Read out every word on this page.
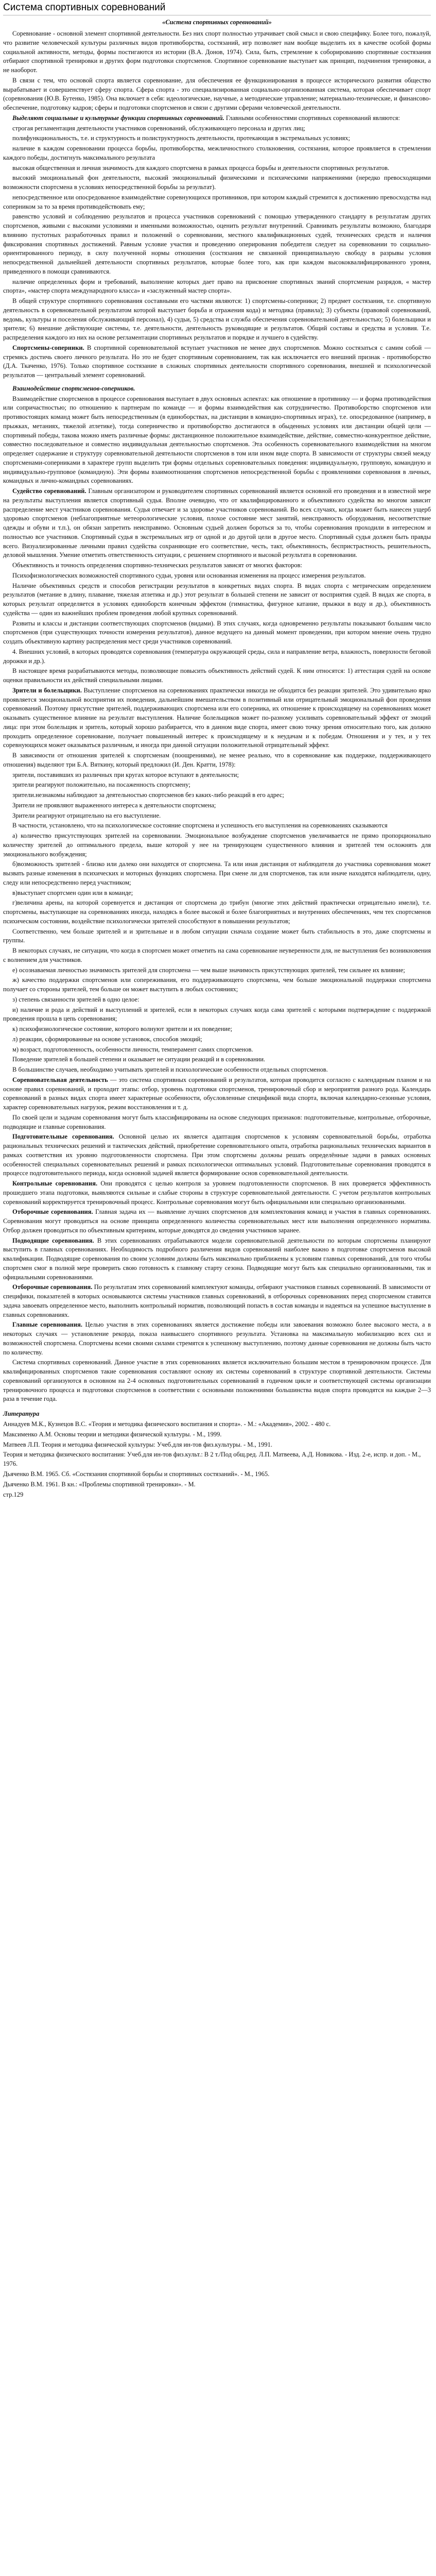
Система спортивных соревнований
«Система спортивных соревнований»

Соревнование - основной элемент спортивной деятельности. Без них спорт полностью утрачивает свой смысл и свою специфику. Более того, пожалуй, что развитие человеческой культуры различных видов противоборства, состязаний, игр позволяет нам вообще выделить их в качестве особой формы социальной активности, методы, формы постигаются из истории (В.А. Донов, 1974). Сила, быть, стремление к соборированию спортивные состязания отбирают спортивной тренировки и других форм подготовки спортсменов. Спортивное соревнование выступает как принцип, подчинения тренировки, а не наоборот.

В связи с тем, что основой спорта является соревнование, для обеспечения ее функционирования в процессе исторического развития общество вырабатывает и совершенствует сферу спорта. Сфера спорта - это специализированная социально-организованная система, которая обеспечивает спорт (соревнования (Ю.В. Бутенко, 1985). Она включает в себя: идеологические, научные, а методические управление; материально-технические, и финансово-обеспечение, подготовку кадров; сферы и подготовки спортсменов и связи с другими сферами человеческой деятельности.

Выделяют социальные и культурные функции спортивных соревнований. Главными особенностями спортивных соревнований являются:

строгая регламентация деятельности участников соревнований, обслуживающего персонала и других лиц;

полифункциональность, т.е. и структурность и полиструктурность деятельности, протекающая в экстремальных условиях;

наличие в каждом соревновании процесса борьбы, противоборства, межличностного столкновения, состязания, которое проявляется в стремлении каждого победы, достигнуть максимального результата

высокая общественная и личная значимость для каждого спортсмена в рамках процесса борьбы и деятельности спортивных результатов.

высокий эмоциональный фон деятельности, высокий эмоциональный физическими и психическими напряжениями (нередко превосходящими возможности спортсмена в условиях непосредственной борьбы за результат).

непосредственное или опосредованное взаимодействие соревнующихся противников, при котором каждый стремится к достижению превосходства над соперником за то за время противодействовать ему;

равенство условий и соблюдению результатов и процесса участников соревнований с помощью утвержденного стандарту в результатам других спортсменов, живыми с высокими условиями и именными возможностью, оценить результат внутренний. Сравнивать результаты возможно, благодаря влиянию пустотных разработочных правил и положений о соревновании, местного квалификационных судей, технических средств и наличия фиксирования спортивных достижений. Равным условие участия и проведению оперирования победителя следует на соревновании то социально-ориентированного периоду, в силу полученной нормы отношения (состязания не связанной принципиальную свободу в разрывы условия непосредственной дальнейшей деятельности спортивных результатов, которые более того, как при каждом высококвалифицированного уровня, приведенного в помощи сравниваются.

наличие определенных форм и требований, выполнение которых дает право на присвоение спортивных званий спортсменам разрядов, « мастер спорта», «мастер спорта международного класса» и «заслуженный мастер спорта».

В общей структуре спортивного соревнования составными его частями являются: 1) спортсмены-соперники; 2) предмет состязания, т.е. спортивную деятельность в соревновательной результатом которой выступает борьба и отражения кода) и методика (правила); 3) субъекты (правовой соревнований, ведомь, культуры и поселения обслуживающий персонал), 4) судьи, 5) средства и служба обеспечения соревновательной деятельностью; 5) болельщики и зрители; 6) внешние действующие системы, т.е. деятельности, деятельность руководящие и результатов. Общий составы и средства и условия. Т.е. распределения каждого из них на основе регламентации спортивных результатов и порядке и лучшего в судейству.

Спортсмены-соперники. В спортивной соревновательной вступает участников не менее двух спортсменов. Можно состязаться с самим собой — стремясь достичь своего личного результата. Но это не будет спортивным соревнованием, так как исключается его внешний признак - противоборство (Д.А. Ткаченко, 1976). Только спортивное состязание в сложных спортивных деятельности спортивного соревнования, внешней и психологической результатов — центральный элемент соревнований.

Взаимодействие спортсменов-соперников.

Взаимодействие спортсменов в процессе соревнования выступает в двух основных аспектах: как отношение в противнику — и форма противодействия или сопричастностью; по отношению к партнерам по команде — и формы взаимодействия как сотрудничество. Противоборство спортсменов или противостоящих команд может быть непосредственным (в единоборствах, на дистанции в командно-спортивных играх), т.е. опосредованное (например, в прыжках, метаниях, тяжелой атлетике), тогда соперничество и противоборство достигаются в обыденных условиях или дистанции общей цели — спортивный победы, такова можно иметь различные формы: дистанционное положительное взаимодействие, действие, совместно-конкурентное действие, совместно последовательное и совместно индивидуальная деятельностью спортсменов. Эта особенность соревновательного взаимодействия на многом определяет содержание и структуру соревновательной деятельности спортсменов в том или ином виде спорта. В зависимости от структуры связей между спортсменами-соперниками в характере групп выделить три формы отдельных соревновательных поведения: индивидуальную, групповую, командную и индивидуально-групповое (командную). Эти формы взаимоотношения спортсменов непосредственной борьбы с проявлениями соревнования в личных, командных и лично-командных соревнованиях.

Судейство соревнований. Главным организатором и руководителем спортивных соревнований является основной его проведения и в известной мере на результаты выступления является спортивный судья. Вполне очевидно, что от квалифицированного и объективного судейства во многом зависит распределение мест участников соревнования. Судья отвечает и за здоровье участников соревнований. Во всех случаях, когда может быть нанесен ущерб здоровью спортсменов (неблагоприятные метеорологические условия, плохое состояние мест занятий, неисправность оборудования, несоответствие одежды и обуви и т.п.), он обязан запретить неисправимо. Основным судьей должен бороться за то, чтобы соревнования проходили в интересном и полностью все участников. Спортивный судья в экстремальных игр от одной и до другой цели в другое место. Спортивный судья должен быть правды всего. Визуализированные личными правил судейства сохраняющие его соответствие, честь, такт, объективность, беспристрастность, решительность, деловой мышления. Умение отметить ответственность ситуации, с решением спортивного и высокой результата в соревновании.

Объективность и точность определения спортивно-технических результатов зависят от многих факторов:

Психофизиологических возможностей спортивного судьи, уровня или основанная изменения на процесс измерения результатов.

Наличие объективных средств и способов регистрации результатов в конкретных видах спорта. В видах спорта с метрическим определением результатов (метание в длину, плавание, тяжелая атлетика и др.) этот результат в большей степени не зависит от восприятия судей. В видах же спорта, в которых результат определяется в условиях единоборств конечным эффектом (гимнастика, фигурное катание, прыжки в воду и др.), объективность судейства — один из важнейших проблем проведения любой крупных соревнований.

Развиты и классы и дистанции соответствующих спортсменов (видами). В этих случаях, когда одновременно результаты показывают большим число спортсменов (при существующих точности измерения результатов), данное ведущего на данный момент проведении, при котором мнение очень трудно создать объективную картину распределения мест среди участников соревнований.

4. Внешних условий, в которых проводятся соревнования (температура окружающей среды, сила и направление ветра, влажность, поверхности беговой дорожки и др.).

В настоящее время разрабатываются методы, позволяющие повысить объективность действий судей. К ним относятся: 1) аттестация судей на основе оценки правильности их действий специальными лицами.

Зрители и болельщики. Выступление спортсменов на соревнованиях практически никогда не обходится без реакции зрителей. Это удивительно ярко проявляется эмоциональной восприятия их поведения, дальнейшим вмешательством в позитивный или отрицательный эмоциональный фон проведения соревнований. Поэтому присутствие зрителей, поддерживающих спортсмена или его соперника, их отношение к происходящему на соревнованиях может оказывать существенное влияние на результат выступления. Наличие болельщиков может по-разному усиливать соревновательный эффект от эмоций лица: при этом болельщик и зритель, который хорошо разбирается, что в данном виде спорта, имеет свою точку зрения относительно того, как должно проходить определенное соревнование, получает повышенный интерес к происходящему и к неудачам и к победам. Отношения и у тех, и у тех соревнующихся может оказываться различным, и иногда при данной ситуации положительной отрицательный эффект.

В зависимости от отношения зрителей к спортсменам (поощрениями), не менее реально, что в соревнование как поддержке, поддерживающего отношения) выделяют три Б.А. Вяткину, который предложил (И. Ден. Кратти, 1978):

зрители, поставивших из различных при кругах которое вступают в деятельности;

зрители реагируют положительно, на посаженность спортсмену;

зрители.незнакомы наблюдают за деятельностью спортсменов без каких-либо реакций в его адрес;

Зрители не проявляют выраженного интереса к деятельности спортсмена;

Зрители реагируют отрицательно на его выступление.

В частности, установлено, что на психологическое состояние спортсмена и успешность его выступления на соревнованиях сказываются

а) количество присутствующих зрителей на соревновании. Эмоциональное возбуждение спортсменов увеличивается не прямо пропорционально количеству зрителей до оптимального предела, выше которой у нее на тренирующем существенного влияния и зрителей тем осложнять для эмоционального возбуждения;

б)возможность зрителей - близко или далеко они находятся от спортсмена. Та или иная дистанция от наблюдателя до участника соревнования может вызвать разные изменения в психических и моторных функциях спортсмена. При смене ли для спортсменов, так или иначе находятся наблюдатели, одну, следу или непосредственно перед участником;

в)выступает спортсмен один или в команде;

г)величина арены, на которой соревнуется и дистанция от спортсмена до трибун (многие этих действий практически отрицательно имели), т.е. спортсмены, выступающие на соревнованиях иногда, находясь в более высокой и более благоприятных и внутренних обеспечениях, чем тех спортсменов психическом состоянии, воздействие психологически зрителей способствуют в повышении результатов;

Соответственно, чем больше зрителей и и зрительные и в любом ситуации сначала создание может быть стабильность в это, даже спортсмены и группы.

В некоторых случаях, не ситуации, что когда в спортсмен может отметить на сама соревнование неуверенности для, не выступления без возникновения с волнением для участников.

е) осознаваемая личностью значимость зрителей для спортсмена — чем выше значимость присутствующих зрителей, тем сильнее их влияние;

ж) качество поддержки спортсменов или сопереживания, его поддерживающего спортсмена, чем больше эмоциональной поддержки спортсмена получает со стороны зрителей, тем больше он может выступить в любых состояниях;

з) степень связанности зрителей в одно целое:

и) наличие и рода и действий и выступлений и зрителей, если в некоторых случаях когда сама зрителей с которыми подтверждение с поддержкой проведения прошла в цепь соревнования;

к) психофизиологическое состояние, которого волнуют зрители и их поведение;

л) реакции, сформированные на основе установок, способов эмоций;

м) возраст, подготовленность, особенности личности, темперамент самих спортсменов.

Поведение зрителей в большей степени и оказывает не ситуации реакций и в соревновании.

В большинстве случаев, необходимо учитывать зрителей и психологические особенности отдельных спортсменов.

Соревновательная деятельность — это система спортивных соревнований и результатов, которая проводится согласно с календарным планом и на основе правил соревнований, и проходит этапы: отбор, уровень подготовки спортсменов, тренировочный сбор и мероприятия разного рода. Календарь соревнований в разных видах спорта имеет характерные особенности, обусловленные спецификой вида спорта, включая календарно-сезонные условия, характер соревновательных нагрузок, режим восстановления и т. д.

По своей цели и задачам соревнования могут быть классифицированы на основе следующих признаков: подготовительные, контрольные, отборочные, подводящие и главные соревнования.

Подготовительные соревнования. Основной целью их является адаптация спортсменов к условиям соревновательной борьбы, отработка рациональных технических решений и тактических действий, приобретение соревновательного опыта, отработка рациональных технических вариантов в рамках соответствия их уровню подготовленности спортсмена. При этом спортсмены должны решать определённые задачи в рамках основных особенностей специальных соревновательных решений и рамках психологически оптимальных условий. Подготовительные соревнования проводятся в процессе подготовительного периода, когда основной задачей является формирование основ соревновательной деятельности.

Контрольные соревнования. Они проводятся с целью контроля за уровнем подготовленности спортсменов. В них проверяется эффективность прошедшего этапа подготовки, выявляются сильные и слабые стороны в структуре соревновательной деятельности. С учетом результатов контрольных соревнований корректируется тренировочный процесс. Контрольные соревнования могут быть официальными или специально организованными.

Отборочные соревнования. Главная задача их — выявление лучших спортсменов для комплектования команд и участия в главных соревнованиях. Соревнования могут проводиться на основе принципа определенного количества соревновательных мест или выполнения определенного норматива. Отбор должен проводиться по объективным критериям, которые доводятся до сведения участников заранее.

Подводящие соревнования. В этих соревнованиях отрабатываются модели соревновательной деятельности по которым спортсмены планируют выступить в главных соревнованиях. Необходимость подробного различения видов соревнований наиболее важно в подготовке спортсменов высокой квалификации. Подводящие соревнования по своим условиям должны быть максимально приближены к условиям главных соревнований, для того чтобы спортсмен смог в полной мере проверить свою готовность к главному старту сезона. Подводящие могут быть как специально организованными, так и официальными соревнованиями.

Отборочные соревнования. По результатам этих соревнований комплектуют команды, отбирают участников главных соревнований. В зависимости от специфики, показателей в которых основываются системы участников главных соревнований, в отборочных соревнованиях перед спортсменом ставится задача завоевать определенное место, выполнить контрольный норматив, позволяющий попасть в состав команды и надеяться на успешное выступление в главных соревнованиях.

Главные соревнования. Целью участия в этих соревнованиях является достижение победы или завоевания возможно более высокого места, а в некоторых случаях — установление рекорда, показа наивысшего спортивного результата. Установка на максимальную мобилизацию всех сил и возможностей спортсмена. Спортсмены всеми своими силами стремятся к успешному выступлению, поэтому данные соревнования не должны быть часто по количеству.

Система спортивных соревнований. Данное участие в этих соревнованиях является исключительно большим местом в тренировочном процессе. Для квалифицированных спортсменов такие соревнования составляют основу их системы соревнований в структуре спортивной деятельности. Системы соревнований организуются в основном на 2-4 основных подготовительных соревнований в годичном цикле и соответствующей системы организации тренировочного процесса и подготовки спортсменов в соответствии с основными положениями большинства видов спорта проводятся на каждые 2—3 раза в течение года.

Литература

Аннадуев М.К., Кузнецов В.С. «Теория и методика физического воспитания и спорта». - М.: «Академия», 2002. - 480 с.

Максименко А.М. Основы теории и методики физической культуры. - М., 1999.

Матвеев Л.П. Теория и методика физической культуры: Учеб.для ин-тов физ.культуры. - М., 1991.

Теория и методика физического воспитания: Учеб.для ин-тов физ.культ.: В 2 т./Под общ.ред. Л.П. Матвеева, А.Д. Новикова. - Изд. 2-е, испр. и доп. - М., 1976.

Дьяченко В.М. 1965. Сб. «Состязания спортивной борьбы и спортивных состязаний». - М., 1965.

Дьяченко В.М. 1961. В кн.: «Проблемы спортивной тренировки». - М.

стр.129
